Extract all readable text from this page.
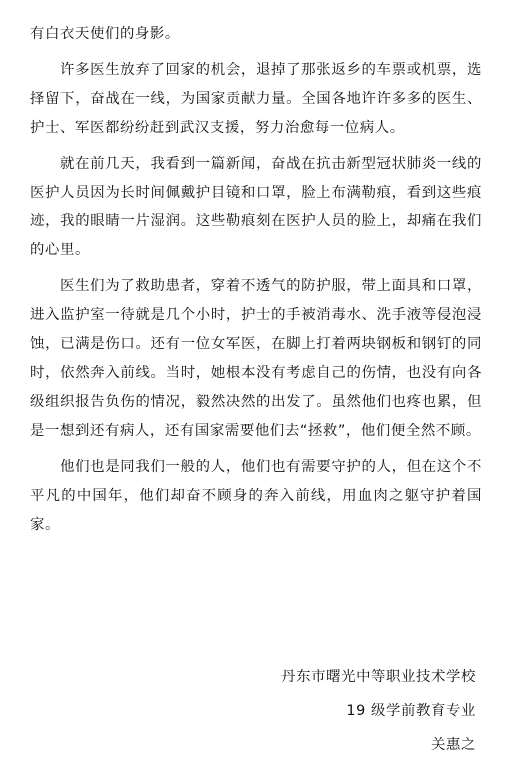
有白衣天使们的身影。

许多医生放弃了回家的机会，退掉了那张返乡的车票或机票，选择留下，奋战在一线，为国家贡献力量。全国各地许许多多的医生、护士、军医都纷纷赶到武汉支援，努力治愈每一位病人。

就在前几天，我看到一篇新闻，奋战在抗击新型冠状肺炎一线的医护人员因为长时间佩戴护目镜和口罩，脸上布满勒痕，看到这些痕迹，我的眼睛一片湿润。这些勒痕刻在医护人员的脸上，却痛在我们的心里。

医生们为了救助患者，穿着不透气的防护服，带上面具和口罩，进入监护室一待就是几个小时，护士的手被消毒水、洗手液等侵泡浸蚀，已满是伤口。还有一位女军医，在脚上打着两块钢板和钢钉的同时，依然奔入前线。当时，她根本没有考虑自己的伤情，也没有向各级组织报告负伤的情况，毅然决然的出发了。虽然他们也疼也累，但是一想到还有病人，还有国家需要他们去“拯救”，他们便全然不顾。

他们也是同我们一般的人，他们也有需要守护的人，但在这个不平凡的中国年，他们却奋不顾身的奔入前线，用血肉之躯守护着国家。

丹东市曙光中等职业技术学校
19 级学前教育专业
关惠之
